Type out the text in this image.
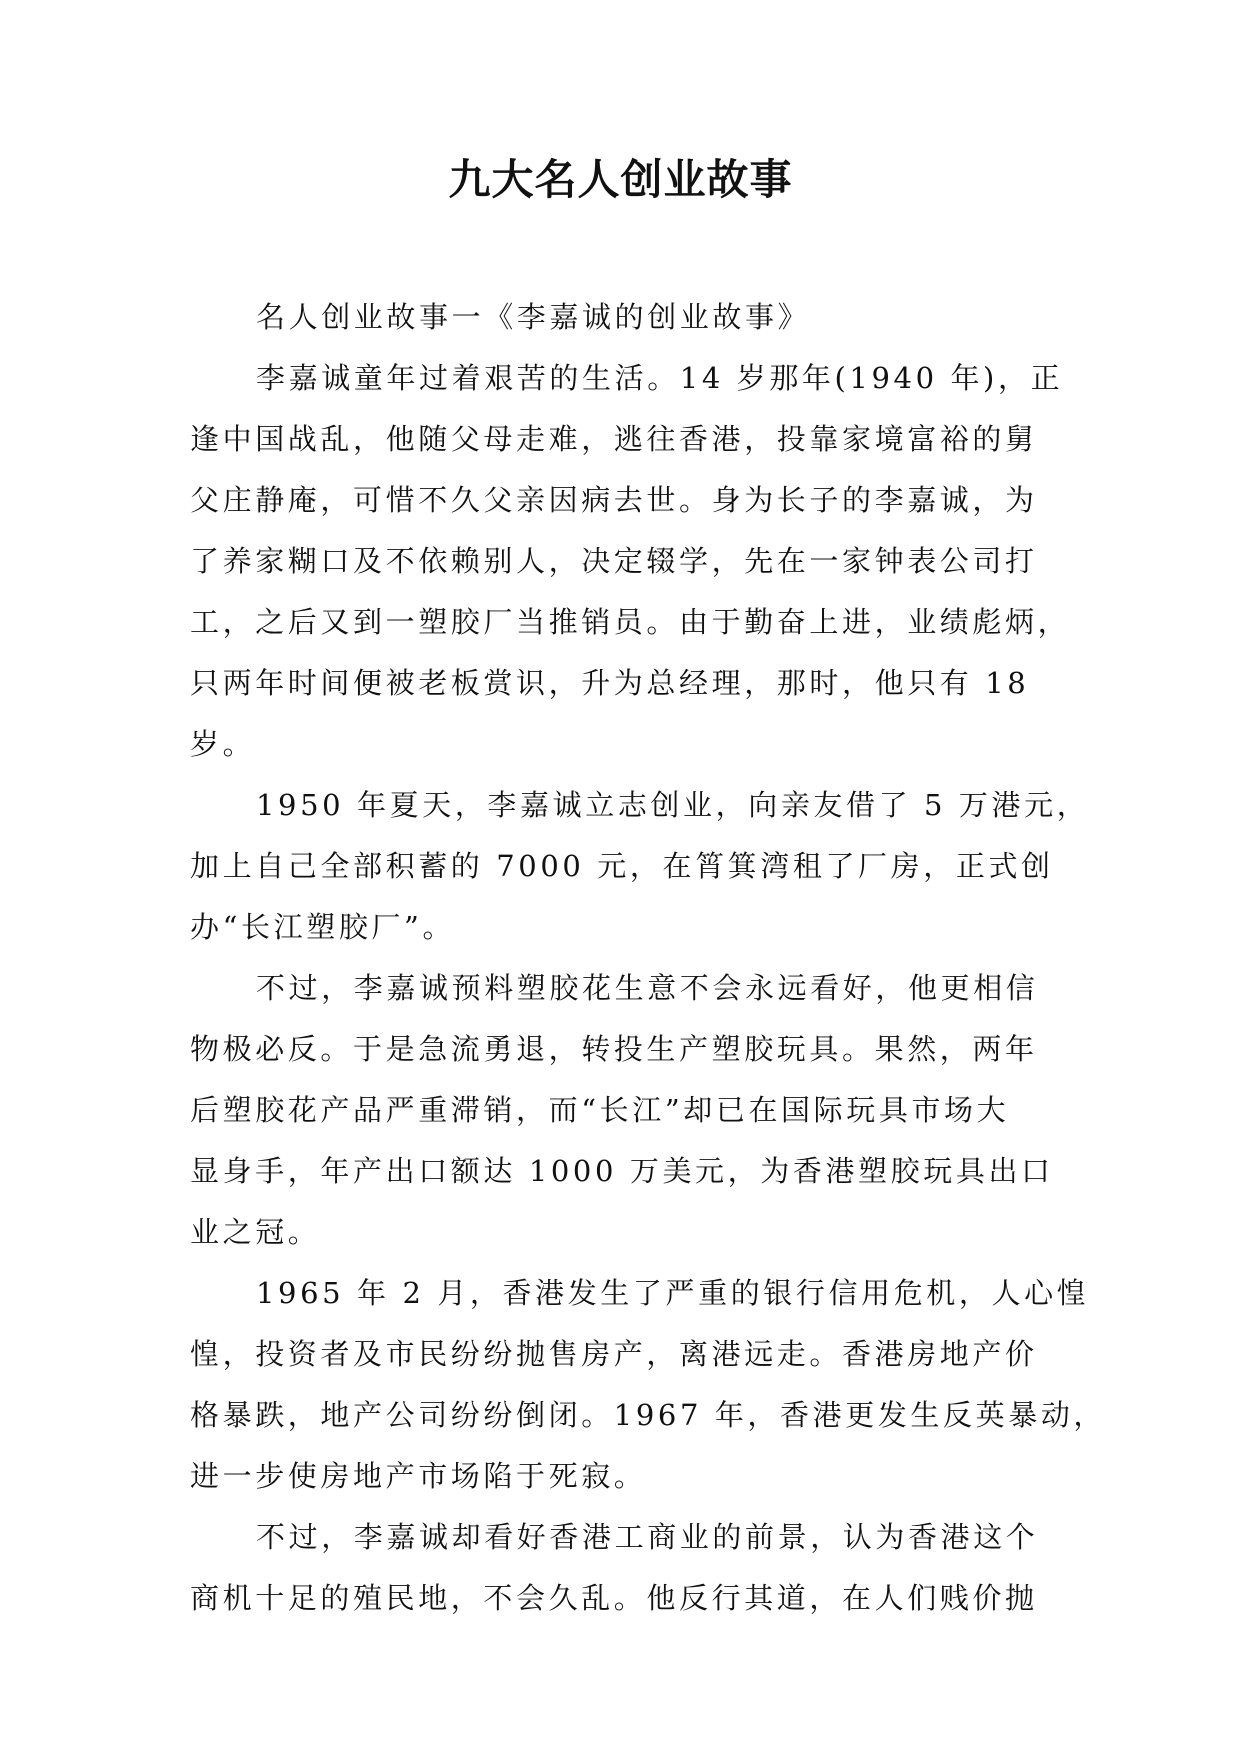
九大名人创业故事
名人创业故事一《李嘉诚的创业故事》
李嘉诚童年过着艰苦的生活。14 岁那年(1940 年)，正
逢中国战乱，他随父母走难，逃往香港，投靠家境富裕的舅
父庄静庵，可惜不久父亲因病去世。身为长子的李嘉诚，为
了养家糊口及不依赖别人，决定辍学，先在一家钟表公司打
工，之后又到一塑胶厂当推销员。由于勤奋上进，业绩彪炳，
只两年时间便被老板赏识，升为总经理，那时，他只有 18
岁。
1950 年夏天，李嘉诚立志创业，向亲友借了 5 万港元，
加上自己全部积蓄的 7000 元，在筲箕湾租了厂房，正式创
办“长江塑胶厂”。
不过，李嘉诚预料塑胶花生意不会永远看好，他更相信
物极必反。于是急流勇退，转投生产塑胶玩具。果然，两年
后塑胶花产品严重滞销，而“长江”却已在国际玩具市场大
显身手，年产出口额达 1000 万美元，为香港塑胶玩具出口
业之冠。
1965 年 2 月，香港发生了严重的银行信用危机，人心惶
惶，投资者及市民纷纷抛售房产，离港远走。香港房地产价
格暴跌，地产公司纷纷倒闭。1967 年，香港更发生反英暴动，
进一步使房地产市场陷于死寂。
不过，李嘉诚却看好香港工商业的前景，认为香港这个
商机十足的殖民地，不会久乱。他反行其道，在人们贱价抛
